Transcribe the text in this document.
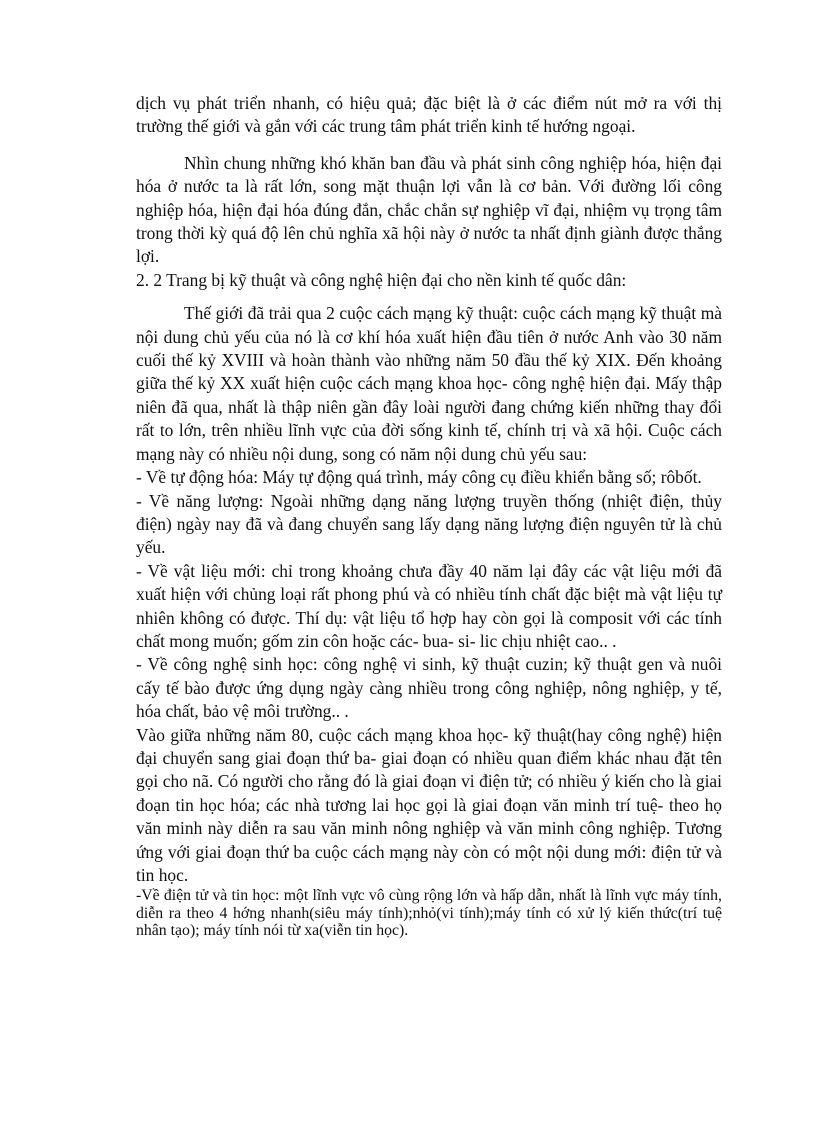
dịch vụ phát triển nhanh, có hiệu quả; đặc biệt là ở các điểm nút mở ra với thị trường thế giới và gắn với các trung tâm phát triển kinh tế hướng ngoại.

Nhìn chung những khó khăn ban đầu và phát sinh công nghiệp hóa, hiện đại hóa ở nước ta là rất lớn, song mặt thuận lợi vẫn là cơ bản. Với đường lối công nghiệp hóa, hiện đại hóa đúng đắn, chắc chắn sự nghiệp vĩ đại, nhiệm vụ trọng tâm trong thời kỳ quá độ lên chủ nghĩa xã hội này ở nước ta nhất định giành được thắng lợi.

2. 2 Trang bị kỹ thuật và công nghệ hiện đại cho nền kinh tế quốc dân:

Thế giới đã trải qua 2 cuộc cách mạng kỹ thuật: cuộc cách mạng kỹ thuật mà nội dung chủ yếu của nó là cơ khí hóa xuất hiện đầu tiên ở nước Anh vào 30 năm cuối thế kỷ XVIII và hoàn thành vào những năm 50 đầu thế kỷ XIX. Đến khoảng giữa thế kỷ XX xuất hiện cuộc cách mạng khoa học- công nghệ hiện đại. Mấy thập niên đã qua, nhất là thập niên gần đây loài người đang chứng kiến những thay đổi rất to lớn, trên nhiều lĩnh vực của đời sống kinh tế, chính trị và xã hội. Cuộc cách mạng này có nhiều nội dung, song có năm nội dung chủ yếu sau:

- Về tự động hóa: Máy tự động quá trình, máy công cụ điều khiển bằng số; rôbốt.

- Về năng lượng: Ngoài những dạng năng lượng truyền thống (nhiệt điện, thủy điện) ngày nay đã và đang chuyển sang lấy dạng năng lượng điện nguyên tử là chủ yếu.

- Về vật liệu mới: chỉ trong khoảng chưa đầy 40 năm lại đây các vật liệu mới đã xuất hiện với chủng loại rất phong phú và có nhiều tính chất đặc biệt mà vật liệu tự nhiên không có được. Thí dụ: vật liệu tổ hợp hay còn gọi là composit với các tính chất mong muốn; gốm zin côn hoặc các- bua- si- lic chịu nhiệt cao.. .

- Về công nghệ sinh học: công nghệ vi sinh, kỹ thuật cuzin; kỹ thuật gen và nuôi cấy tế bào được ứng dụng ngày càng nhiều trong công nghiệp, nông nghiệp, y tế, hóa chất, bảo vệ môi trường.. .

Vào giữa những năm 80, cuộc cách mạng khoa học- kỹ thuật(hay công nghệ) hiện đại chuyển sang giai đoạn thứ ba- giai đoạn có nhiều quan điểm khác nhau đặt tên gọi cho nã. Có người cho rằng đó là giai đoạn vi điện tử; có nhiều ý kiến cho là giai đoạn tin học hóa; các nhà tương lai học gọi là giai đoạn văn minh trí tuệ- theo họ văn minh này diễn ra sau văn minh nông nghiệp và văn minh công nghiệp. Tương ứng với giai đoạn thứ ba cuộc cách mạng này còn có một nội dung mới: điện tử và tin học.

-Về điện tử và tin học: một lĩnh vực vô cùng rộng lớn và hấp dẫn, nhất là lĩnh vực máy tính, diễn ra theo 4 hớng nhanh(siêu máy tính);nhỏ(vi tính);máy tính có xử lý kiến thức(trí tuệ nhân tạo); máy tính nói từ xa(viễn tin học).
